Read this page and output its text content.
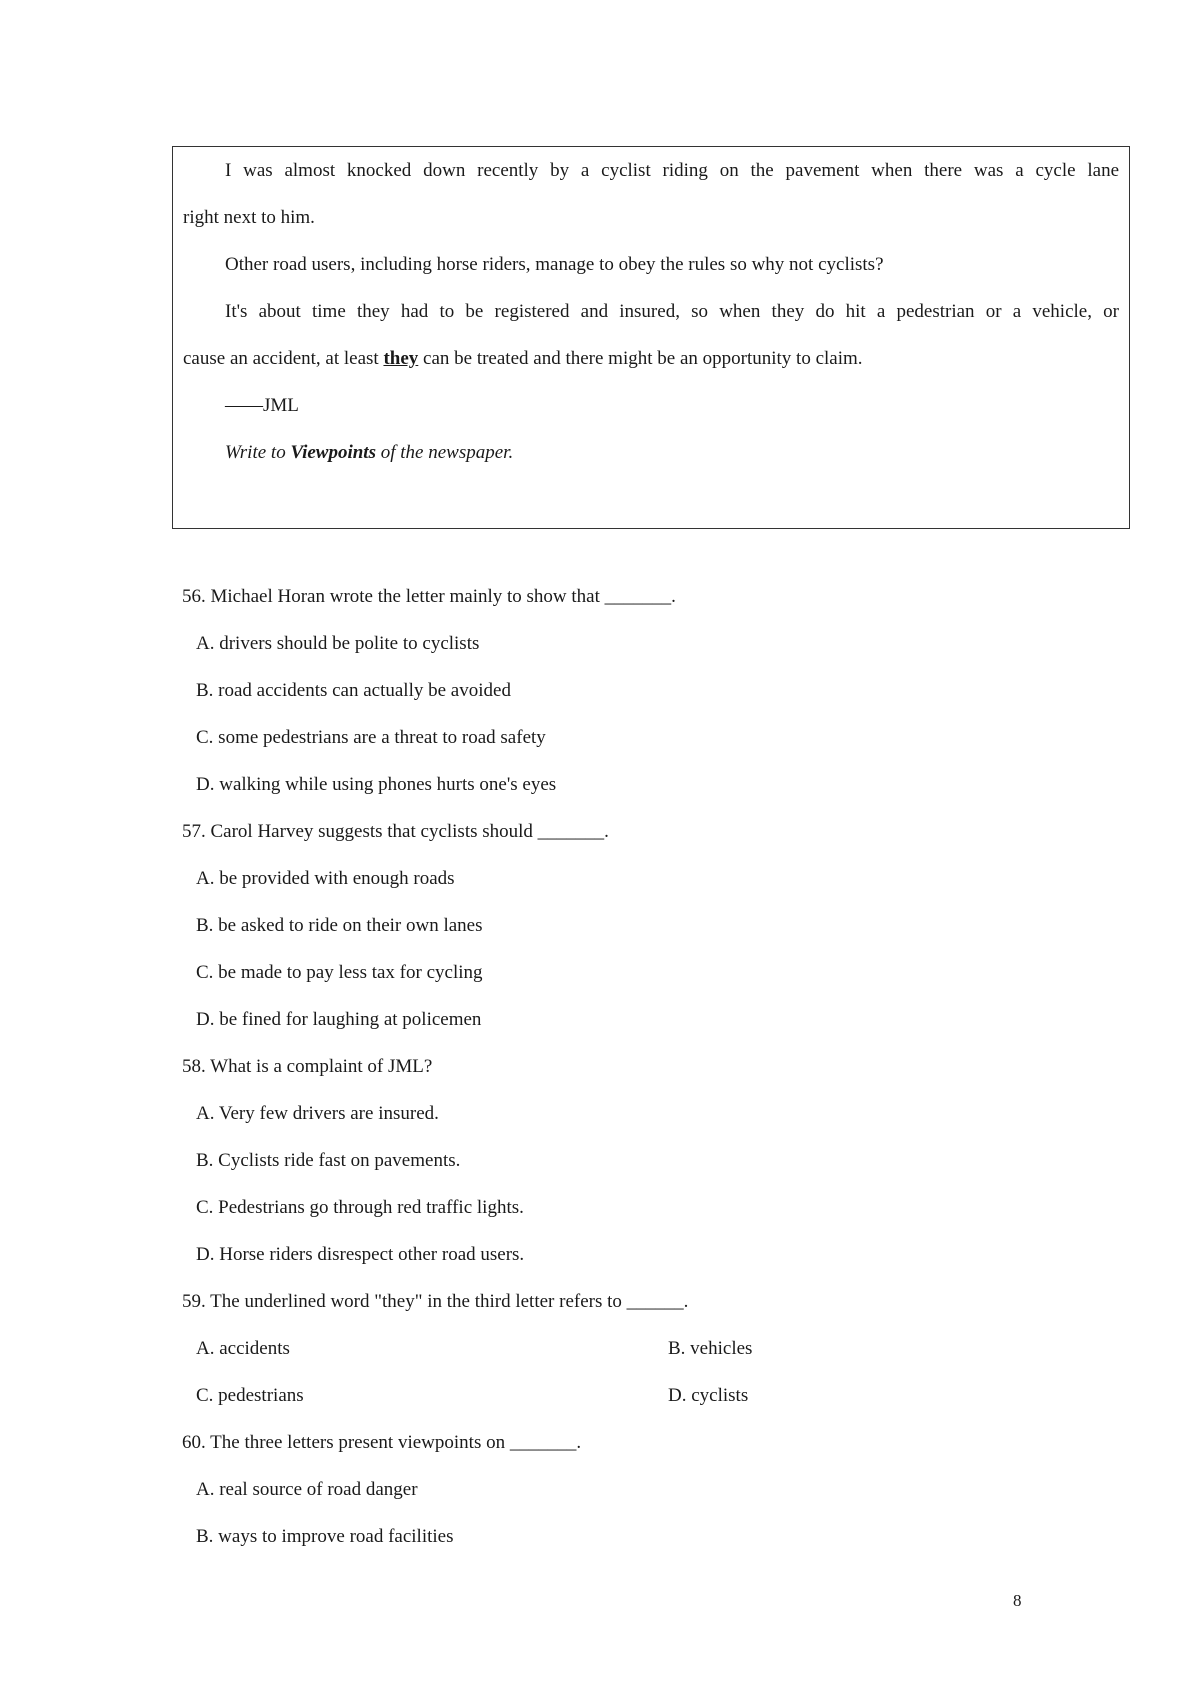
I was almost knocked down recently by a cyclist riding on the pavement when there was a cycle lane

right next to him.

Other road users, including horse riders, manage to obey the rules so why not cyclists?

It's about time they had to be registered and insured, so when they do hit a pedestrian or a vehicle, or

cause an accident, at least they can be treated and there might be an opportunity to claim.

——JML

Write to Viewpoints of the newspaper.

56. Michael Horan wrote the letter mainly to show that _______.

A. drivers should be polite to cyclists

B. road accidents can actually be avoided

C. some pedestrians are a threat to road safety

D. walking while using phones hurts one's eyes

57. Carol Harvey suggests that cyclists should _______.

A. be provided with enough roads

B. be asked to ride on their own lanes

C. be made to pay less tax for cycling

D. be fined for laughing at policemen

58. What is a complaint of JML?

A. Very few drivers are insured.

B. Cyclists ride fast on pavements.

C. Pedestrians go through red traffic lights.

D. Horse riders disrespect other road users.

59. The underlined word "they" in the third letter refers to ______.

A. accidents	B. vehicles

C. pedestrians	D. cyclists

60. The three letters present viewpoints on _______.

A. real source of road danger

B. ways to improve road facilities

8
